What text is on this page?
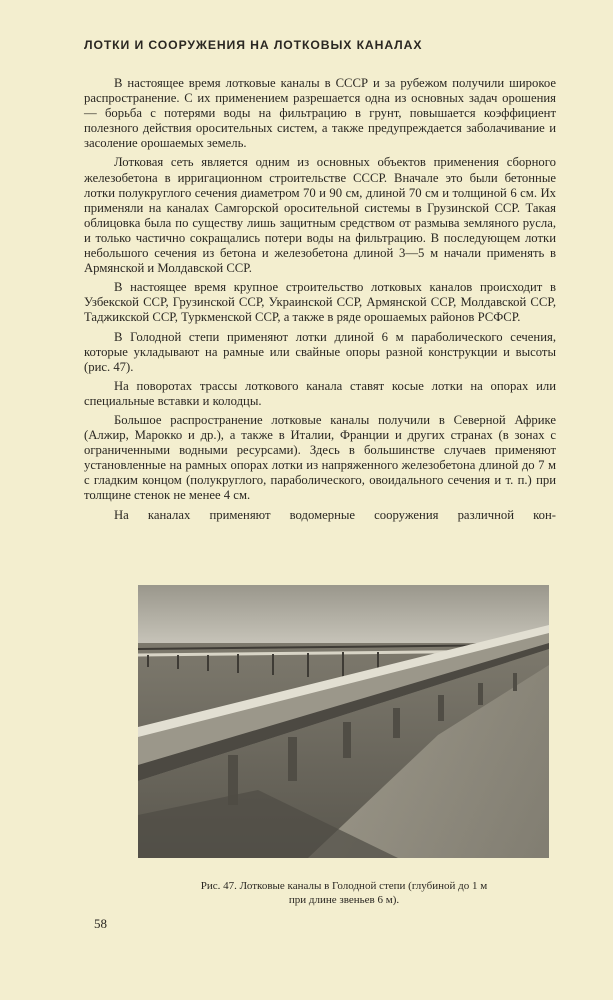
ЛОТКИ И СООРУЖЕНИЯ НА ЛОТКОВЫХ КАНАЛАХ

В настоящее время лотковые каналы в СССР и за рубежом получили широкое распространение. С их применением разрешается одна из основных задач орошения — борьба с потерями воды на фильтрацию в грунт, повышается коэффициент полезного действия оросительных систем, а также предупреждается заболачивание и засоление орошаемых земель.

Лотковая сеть является одним из основных объектов применения сборного железобетона в ирригационном строительстве СССР. Вначале это были бетонные лотки полукруглого сечения диаметром 70 и 90 см, длиной 70 см и толщиной 6 см. Их применяли на каналах Самгорской оросительной системы в Грузинской ССР. Такая облицовка была по существу лишь защитным средством от размыва земляного русла, и только частично сокращались потери воды на фильтрацию. В последующем лотки небольшого сечения из бетона и железобетона длиной 3—5 м начали применять в Армянской и Молдавской ССР.

В настоящее время крупное строительство лотковых каналов происходит в Узбекской ССР, Грузинской ССР, Украинской ССР, Армянской ССР, Молдавской ССР, Таджикской ССР, Туркменской ССР, а также в ряде орошаемых районов РСФСР.

В Голодной степи применяют лотки длиной 6 м параболического сечения, которые укладывают на рамные или свайные опоры разной конструкции и высоты (рис. 47).

На поворотах трассы лоткового канала ставят косые лотки на опорах или специальные вставки и колодцы.

Большое распространение лотковые каналы получили в Северной Африке (Алжир, Марокко и др.), а также в Италии, Франции и других странах (в зонах с ограниченными водными ресурсами). Здесь в большинстве случаев применяют установленные на рамных опорах лотки из напряженного железобетона длиной до 7 м с гладким концом (полукруглого, параболического, овоидального сечения и т. п.) при толщине стенок не менее 4 см.

На каналах применяют водомерные сооружения различной кон-

Рис. 47. Лотковые каналы в Голодной степи (глубиной до 1 м
при длине звеньев 6 м).
58
